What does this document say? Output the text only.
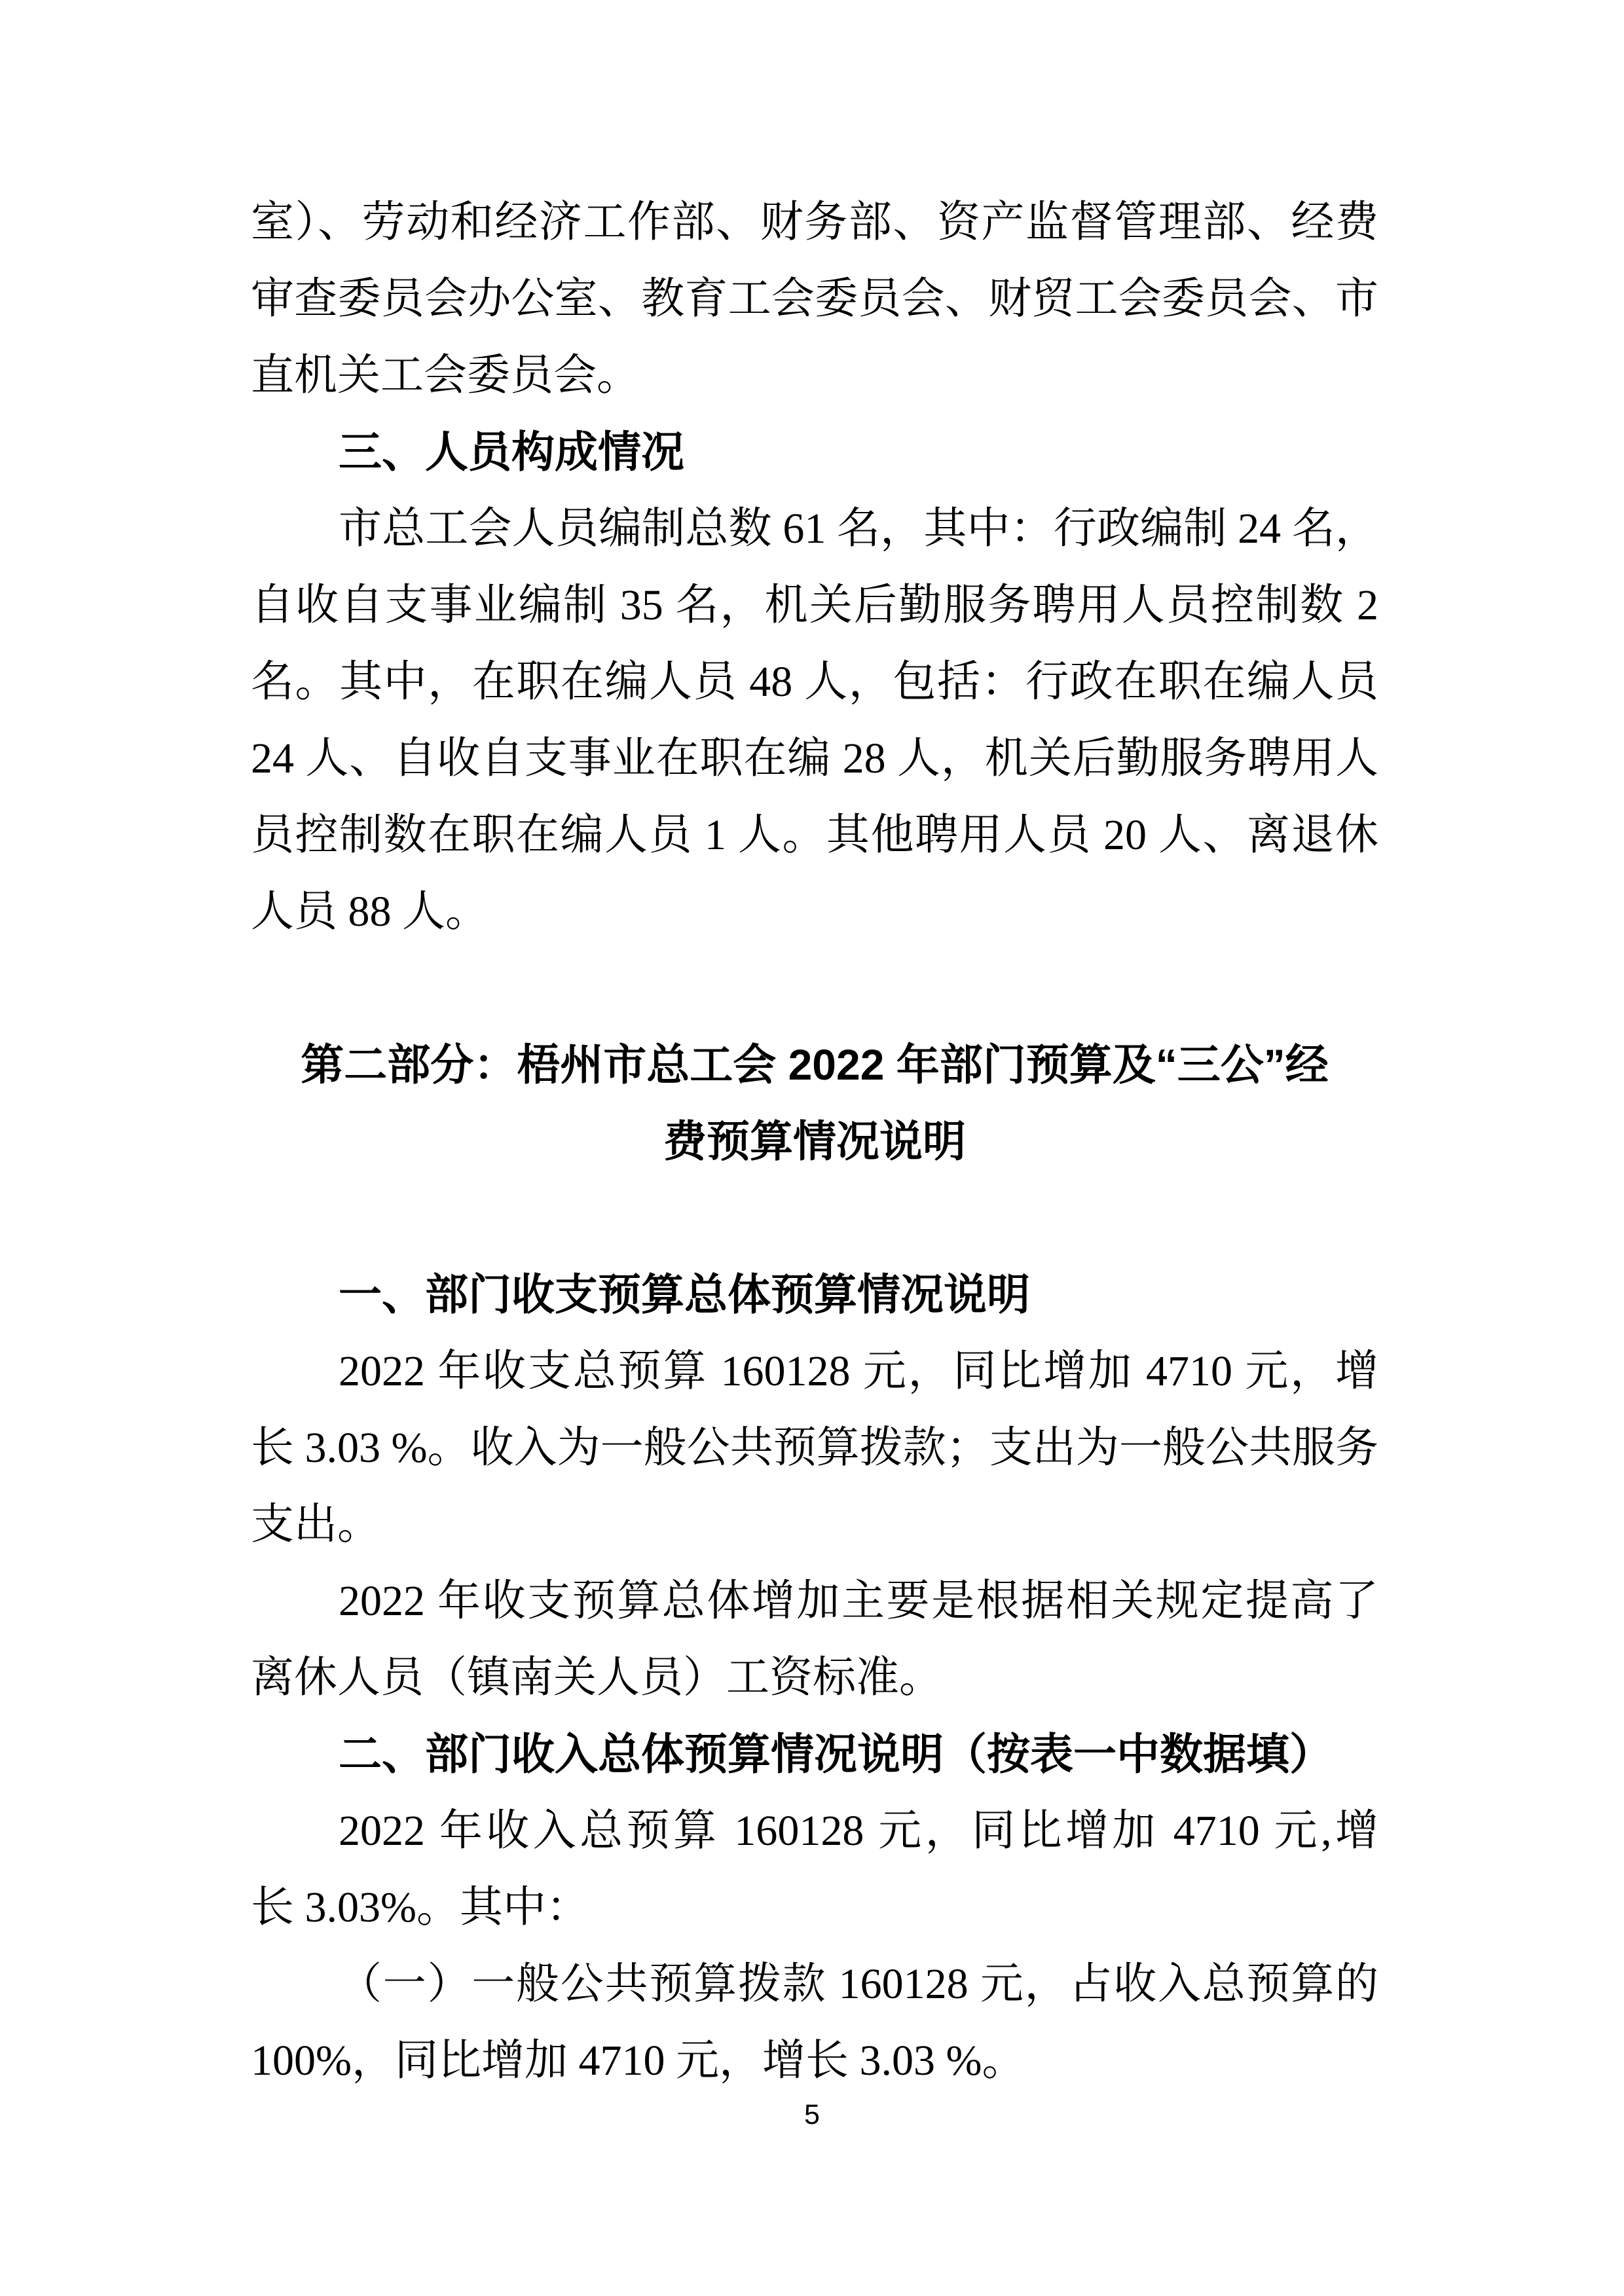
室）、劳动和经济工作部、财务部、资产监督管理部、经费
审查委员会办公室、教育工会委员会、财贸工会委员会、市
直机关工会委员会。
三、人员构成情况
市总工会人员编制总数 61 名，其中：行政编制 24 名，
自收自支事业编制 35 名，机关后勤服务聘用人员控制数 2
名。其中，在职在编人员 48 人，包括：行政在职在编人员
24 人、自收自支事业在职在编 28 人，机关后勤服务聘用人
员控制数在职在编人员 1 人。其他聘用人员 20 人、离退休
人员 88 人。
第二部分：梧州市总工会 2022 年部门预算及“三公”经
费预算情况说明
一、部门收支预算总体预算情况说明
2022 年收支总预算 160128 元，同比增加 4710 元，增
长 3.03 %。收入为一般公共预算拨款；支出为一般公共服务
支出。
2022 年收支预算总体增加主要是根据相关规定提高了
离休人员（镇南关人员）工资标准。
二、部门收入总体预算情况说明（按表一中数据填）
2022 年收入总预算 160128 元，同比增加 4710 元,增
长 3.03%。其中：
（一）一般公共预算拨款 160128 元，占收入总预算的
100%，同比增加 4710 元，增长 3.03 %。
5
